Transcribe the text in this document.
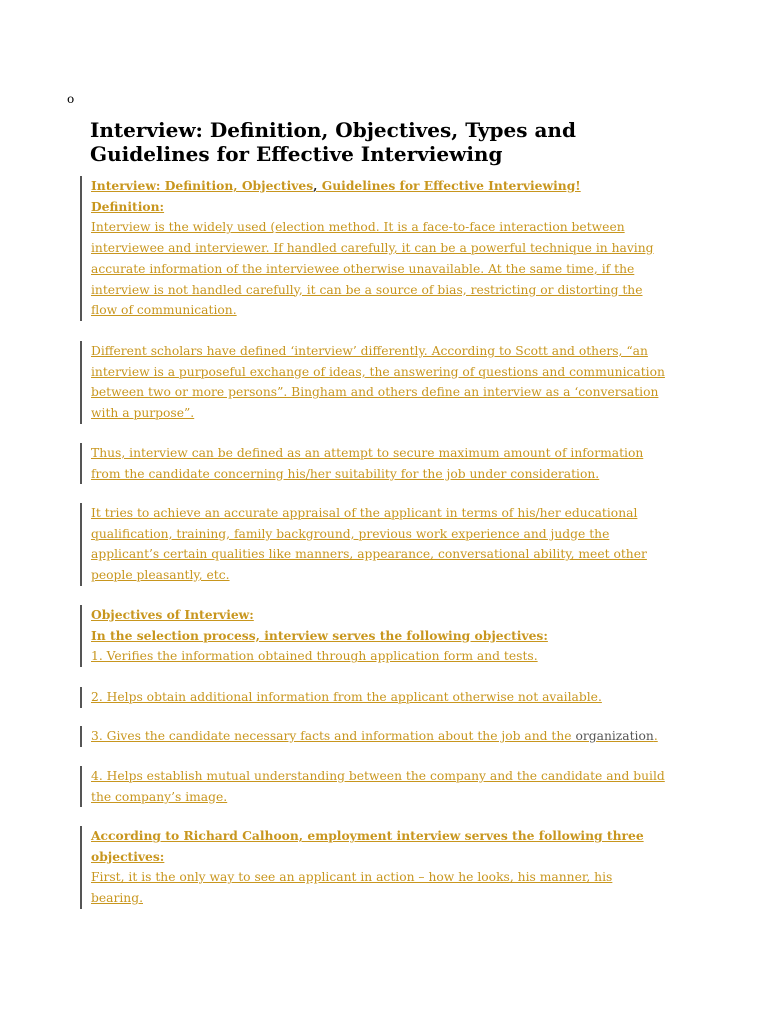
o
Interview: Definition, Objectives, Types and
Guidelines for Effective Interviewing
Interview: Definition, Objectives, Guidelines for Effective Interviewing!
Definition:
Interview is the widely used (election method. It is a face-to-face interaction between
interviewee and interviewer. If handled carefully, it can be a powerful technique in having
accurate information of the interviewee otherwise unavailable. At the same time, if the
interview is not handled carefully, it can be a source of bias, restricting or distorting the
flow of communication.
Different scholars have defined ‘interview’ differently. According to Scott and others, “an
interview is a purposeful exchange of ideas, the answering of questions and communication
between two or more persons”. Bingham and others define an interview as a ‘conversation
with a purpose”.
Thus, interview can be defined as an attempt to secure maximum amount of information
from the candidate concerning his/her suitability for the job under consideration.
It tries to achieve an accurate appraisal of the applicant in terms of his/her educational
qualification, training, family background, previous work experience and judge the
applicant’s certain qualities like manners, appearance, conversational ability, meet other
people pleasantly, etc.
Objectives of Interview:
In the selection process, interview serves the following objectives:
1. Verifies the information obtained through application form and tests.
2. Helps obtain additional information from the applicant otherwise not available.
3. Gives the candidate necessary facts and information about the job and the organization.
4. Helps establish mutual understanding between the company and the candidate and build
the company’s image.
According to Richard Calhoon, employment interview serves the following three
objectives:
First, it is the only way to see an applicant in action – how he looks, his manner, his
bearing.
